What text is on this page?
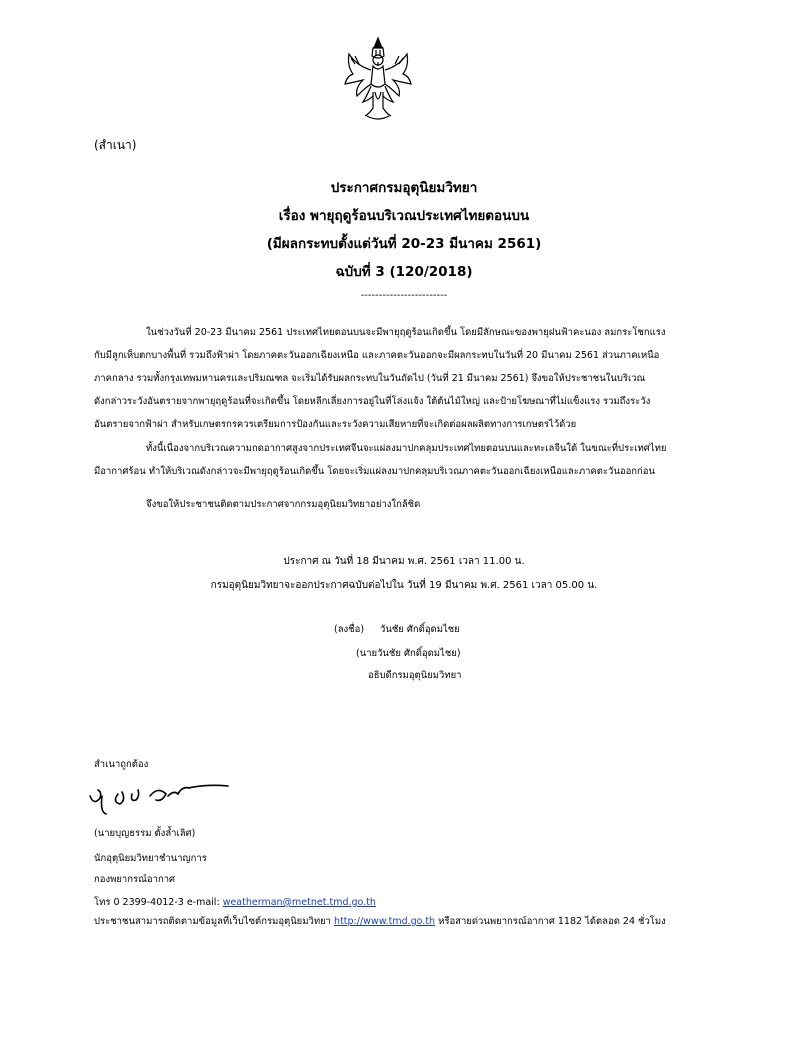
(สำเนา)
ประกาศกรมอุตุนิยมวิทยา
เรื่อง พายุฤดูร้อนบริเวณประเทศไทยตอนบน
(มีผลกระทบตั้งแต่วันที่ 20-23 มีนาคม 2561)
ฉบับที่ 3 (120/2018)
------------------------
ในช่วงวันที่ 20-23 มีนาคม 2561 ประเทศไทยตอนบนจะมีพายุฤดูร้อนเกิดขึ้น โดยมีลักษณะของพายุฝนฟ้าคะนอง ลมกระโชกแรง
กับมีลูกเห็บตกบางพื้นที่ รวมถึงฟ้าผ่า โดยภาคตะวันออกเฉียงเหนือ และภาคตะวันออกจะมีผลกระทบในวันที่ 20 มีนาคม 2561 ส่วนภาคเหนือ
ภาคกลาง รวมทั้งกรุงเทพมหานครและปริมณฑล จะเริ่มได้รับผลกระทบในวันถัดไป (วันที่ 21 มีนาคม 2561) จึงขอให้ประชาชนในบริเวณ
ดังกล่าวระวังอันตรายจากพายุฤดูร้อนที่จะเกิดขึ้น โดยหลีกเลี่ยงการอยู่ในที่โล่งแจ้ง ใต้ต้นไม้ใหญ่ และป้ายโฆษณาที่ไม่แข็งแรง รวมถึงระวัง
อันตรายจากฟ้าผ่า สำหรับเกษตรกรควรเตรียมการป้องกันและระวังความเสียหายที่จะเกิดต่อผลผลิตทางการเกษตรไว้ด้วย
ทั้งนี้เนื่องจากบริเวณความกดอากาศสูงจากประเทศจีนจะแผ่ลงมาปกคลุมประเทศไทยตอนบนและทะเลจีนใต้ ในขณะที่ประเทศไทย
มีอากาศร้อน ทำให้บริเวณดังกล่าวจะมีพายุฤดูร้อนเกิดขึ้น โดยจะเริ่มแผ่ลงมาปกคลุมบริเวณภาคตะวันออกเฉียงเหนือและภาคตะวันออกก่อน
จึงขอให้ประชาชนติดตามประกาศจากกรมอุตุนิยมวิทยาอย่างใกล้ชิด
ประกาศ ณ วันที่ 18 มีนาคม พ.ศ. 2561 เวลา 11.00 น.
กรมอุตุนิยมวิทยาจะออกประกาศฉบับต่อไปใน วันที่ 19 มีนาคม พ.ศ. 2561 เวลา 05.00 น.
(ลงชื่อ) วันชัย ศักดิ์อุดมไชย
(นายวันชัย ศักดิ์อุดมไชย)
อธิบดีกรมอุตุนิยมวิทยา
สำเนาถูกต้อง
(นายบุญธรรม ตั้งล้ำเลิศ)
นักอุตุนิยมวิทยาชำนาญการ
กองพยากรณ์อากาศ
โทร 0 2399-4012-3 e-mail: weatherman@metnet.tmd.go.th
ประชาชนสามารถติดตามข้อมูลที่เว็บไซต์กรมอุตุนิยมวิทยา http://www.tmd.go.th หรือสายด่วนพยากรณ์อากาศ 1182 ได้ตลอด 24 ชั่วโมง
